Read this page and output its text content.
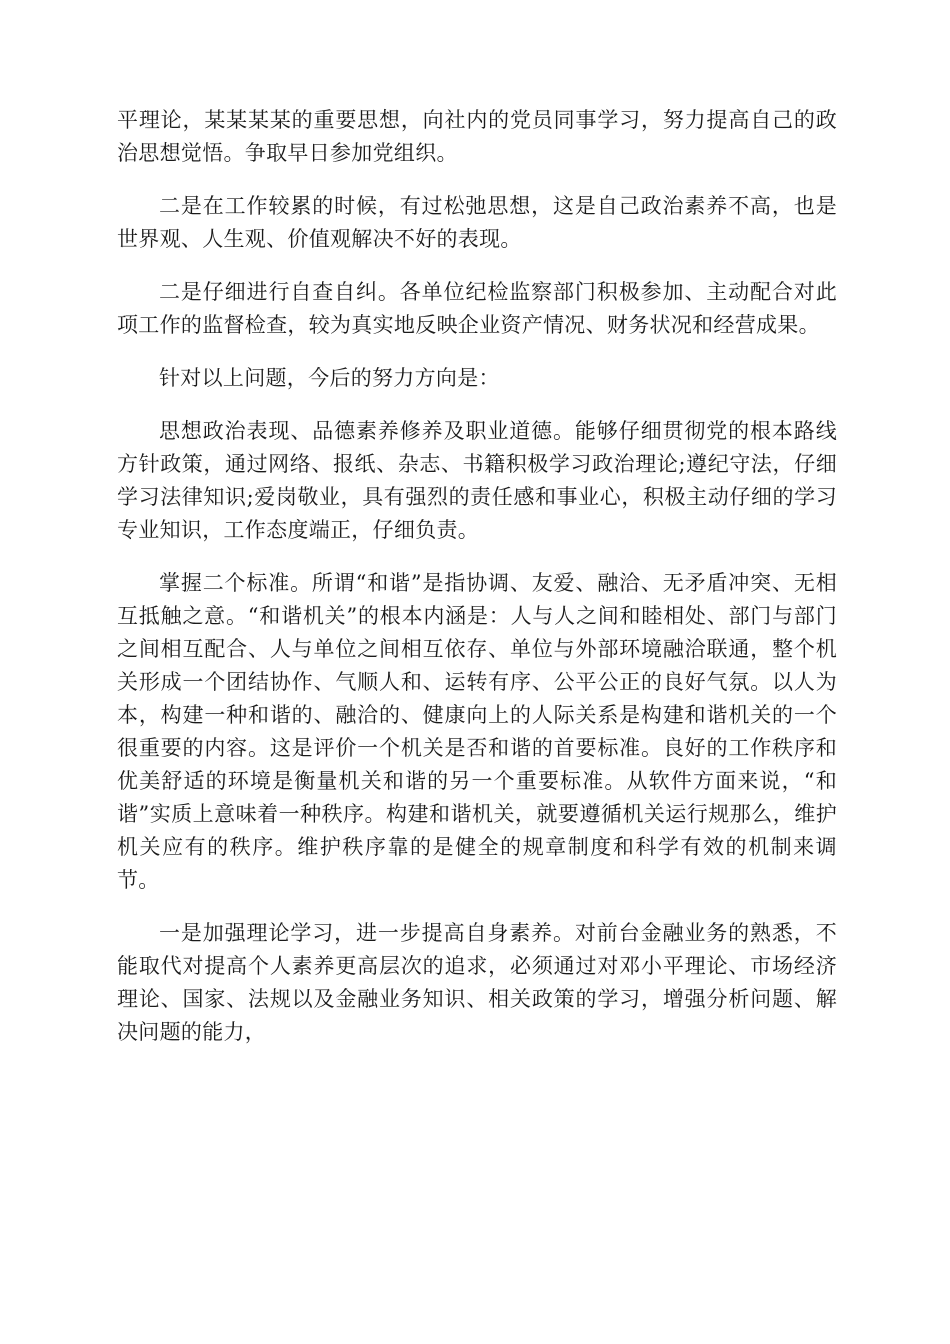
平理论，某某某某的重要思想，向社内的党员同事学习，努力提高自己的政治思想觉悟。争取早日参加党组织。

二是在工作较累的时候，有过松弛思想，这是自己政治素养不高，也是世界观、人生观、价值观解决不好的表现。

二是仔细进行自查自纠。各单位纪检监察部门积极参加、主动配合对此项工作的监督检查，较为真实地反映企业资产情况、财务状况和经营成果。

针对以上问题，今后的努力方向是：

思想政治表现、品德素养修养及职业道德。能够仔细贯彻党的根本路线方针政策，通过网络、报纸、杂志、书籍积极学习政治理论;遵纪守法，仔细学习法律知识;爱岗敬业，具有强烈的责任感和事业心，积极主动仔细的学习专业知识，工作态度端正，仔细负责。

掌握二个标准。所谓“和谐”是指协调、友爱、融洽、无矛盾冲突、无相互抵触之意。“和谐机关”的根本内涵是：人与人之间和睦相处、部门与部门之间相互配合、人与单位之间相互依存、单位与外部环境融洽联通，整个机关形成一个团结协作、气顺人和、运转有序、公平公正的良好气氛。以人为本，构建一种和谐的、融洽的、健康向上的人际关系是构建和谐机关的一个很重要的内容。这是评价一个机关是否和谐的首要标准。良好的工作秩序和优美舒适的环境是衡量机关和谐的另一个重要标准。从软件方面来说，“和谐”实质上意味着一种秩序。构建和谐机关，就要遵循机关运行规那么，维护机关应有的秩序。维护秩序靠的是健全的规章制度和科学有效的机制来调节。

一是加强理论学习，进一步提高自身素养。对前台金融业务的熟悉，不能取代对提高个人素养更高层次的追求，必须通过对邓小平理论、市场经济理论、国家、法规以及金融业务知识、相关政策的学习，增强分析问题、解决问题的能力，
